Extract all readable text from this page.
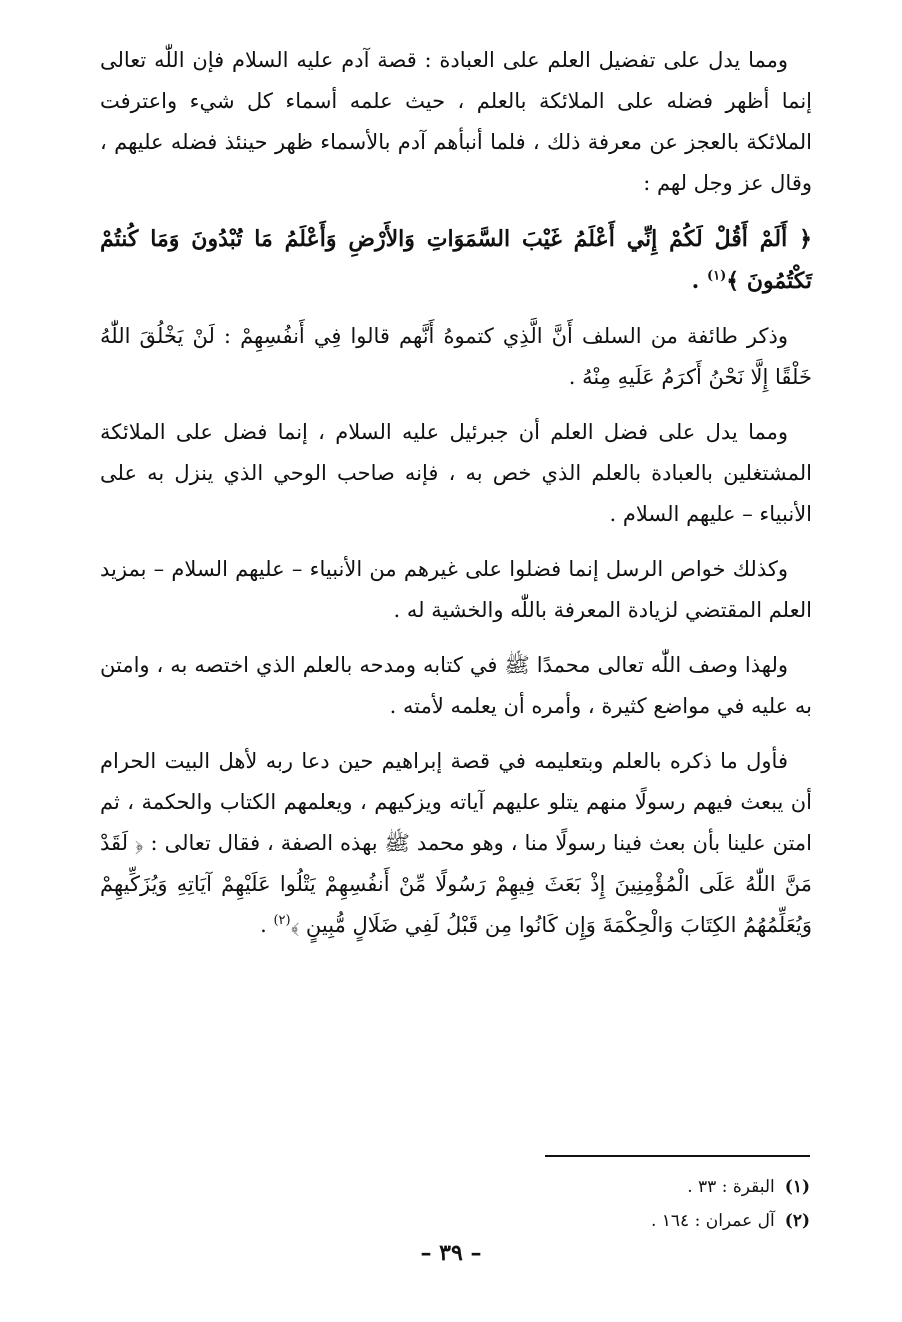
ومما يدل على تفضيل العلم على العبادة : قصة آدم عليه السلام فإن اللّٰه تعالى إنما أظهر فضله على الملائكة بالعلم ، حيث علمه أسماء كل شيء واعترفت الملائكة بالعجز عن معرفة ذلك ، فلما أنبأهم آدم بالأسماء ظهر حينئذ فضله عليهم ، وقال عز وجل لهم :

﴿ أَلَمْ أَقُلْ لَكُمْ إِنِّي أَعْلَمُ غَيْبَ السَّمَوَاتِ وَالأَرْضِ وَأَعْلَمُ مَا تُبْدُونَ وَمَا كُنتُمْ تَكْتُمُونَ ﴾$^{(١)}$ .

وذكر طائفة من السلف أَنَّ الَّذِي كتموهُ أَنَّهم قالوا فِي أَنفُسِهِمْ : لَنْ يَخْلُقَ اللّٰهُ خَلْقًا إِلَّا نَحْنُ أَكرَمُ عَلَيهِ مِنْهُ .

ومما يدل على فضل العلم أن جبرئيل عليه السلام ، إنما فضل على الملائكة المشتغلين بالعبادة بالعلم الذي خص به ، فإنه صاحب الوحي الذي ينزل به على الأنبياء – عليهم السلام .

وكذلك خواص الرسل إنما فضلوا على غيرهم من الأنبياء – عليهم السلام – بمزيد العلم المقتضي لزيادة المعرفة باللّٰه والخشية له .

ولهذا وصف اللّٰه تعالى محمدًا ﷺ في كتابه ومدحه بالعلم الذي اختصه به ، وامتن به عليه في مواضع كثيرة ، وأمره أن يعلمه لأمته .

فأول ما ذكره بالعلم وبتعليمه في قصة إبراهيم حين دعا ربه لأهل البيت الحرام أن يبعث فيهم رسولًا منهم يتلو عليهم آياته ويزكيهم ، ويعلمهم الكتاب والحكمة ، ثم امتن علينا بأن بعث فينا رسولًا منا ، وهو محمد ﷺ بهذه الصفة ، فقال تعالى : ﴿ لَقَدْ مَنَّ اللّٰهُ عَلَى الْمُؤْمِنِينَ إِذْ بَعَثَ فِيهِمْ رَسُولًا مِّنْ أَنفُسِهِمْ يَتْلُوا عَلَيْهِمْ آيَاتِهِ وَيُزَكِّيهِمْ وَيُعَلِّمُهُمُ الكِتَابَ وَالْحِكْمَةَ وَإِن كَانُوا مِن قَبْلُ لَفِي ضَلَالٍ مُّبِينٍ ﴾$^{(٢)}$ .

(١)البقرة : ٣٣ .
(٢)آل عمران : ١٦٤ .
– ٣٩ –
